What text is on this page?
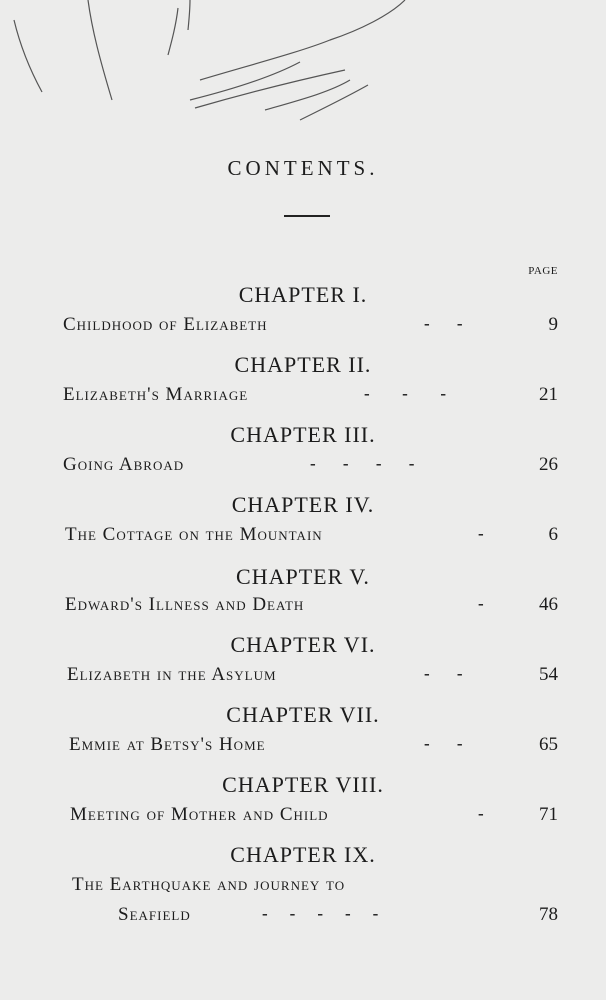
CONTENTS.
PAGE
CHAPTER I.
Childhood of Elizabeth	-     -	9
CHAPTER II.
Elizabeth's Marriage	-      -      -	21
CHAPTER III.
Going Abroad	-     -     -     -	26
CHAPTER IV.
The Cottage on the Mountain	-	6
CHAPTER V.
Edward's Illness and Death	-	46
CHAPTER VI.
Elizabeth in the Asylum	-     -	54
CHAPTER VII.
Emmie at Betsy's Home	-     -	65
CHAPTER VIII.
Meeting of Mother and Child	-	71
CHAPTER IX.
The Earthquake and journey to
Seafield	-    -    -    -    -	78
